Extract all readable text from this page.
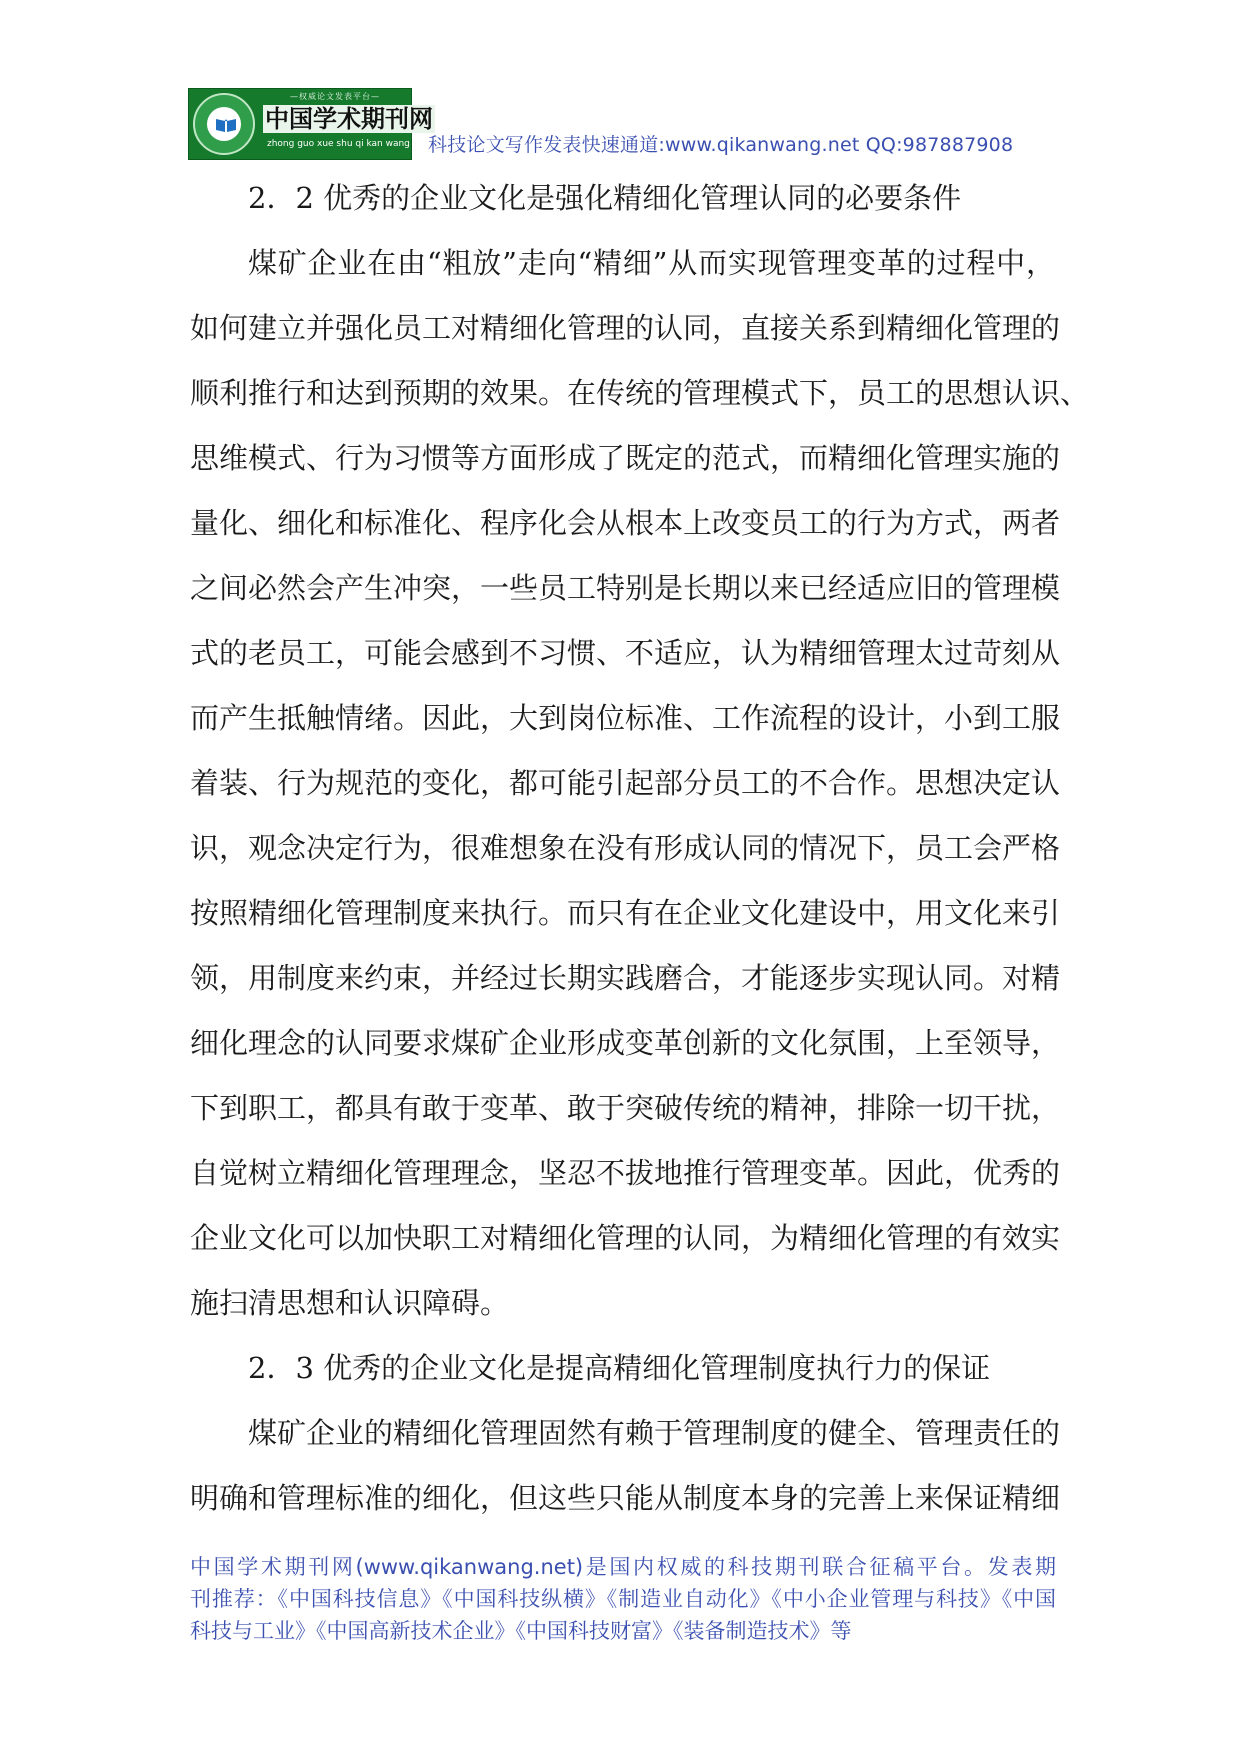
—权威论文发表平台—
中国学术期刊网
zhong guo xue shu qi kan wang 科技论文写作发表快速通道:www.qikanwang.net QQ:987887908
2．2 优秀的企业文化是强化精细化管理认同的必要条件
煤矿企业在由“粗放”走向“精细”从而实现管理变革的过程中，
如何建立并强化员工对精细化管理的认同，直接关系到精细化管理的
顺利推行和达到预期的效果。在传统的管理模式下，员工的思想认识、
思维模式、行为习惯等方面形成了既定的范式，而精细化管理实施的
量化、细化和标准化、程序化会从根本上改变员工的行为方式，两者
之间必然会产生冲突，一些员工特别是长期以来已经适应旧的管理模
式的老员工，可能会感到不习惯、不适应，认为精细管理太过苛刻从
而产生抵触情绪。因此，大到岗位标准、工作流程的设计，小到工服
着装、行为规范的变化，都可能引起部分员工的不合作。思想决定认
识，观念决定行为，很难想象在没有形成认同的情况下，员工会严格
按照精细化管理制度来执行。而只有在企业文化建设中，用文化来引
领，用制度来约束，并经过长期实践磨合，才能逐步实现认同。对精
细化理念的认同要求煤矿企业形成变革创新的文化氛围，上至领导，
下到职工，都具有敢于变革、敢于突破传统的精神，排除一切干扰，
自觉树立精细化管理理念，坚忍不拔地推行管理变革。因此，优秀的
企业文化可以加快职工对精细化管理的认同，为精细化管理的有效实
施扫清思想和认识障碍。
2．3 优秀的企业文化是提高精细化管理制度执行力的保证
煤矿企业的精细化管理固然有赖于管理制度的健全、管理责任的
明确和管理标准的细化，但这些只能从制度本身的完善上来保证精细
中国学术期刊网(www.qikanwang.net)是国内权威的科技期刊联合征稿平台。发表期
刊推荐：《中国科技信息》《中国科技纵横》《制造业自动化》《中小企业管理与科技》《中国
科技与工业》《中国高新技术企业》《中国科技财富》《装备制造技术》等
